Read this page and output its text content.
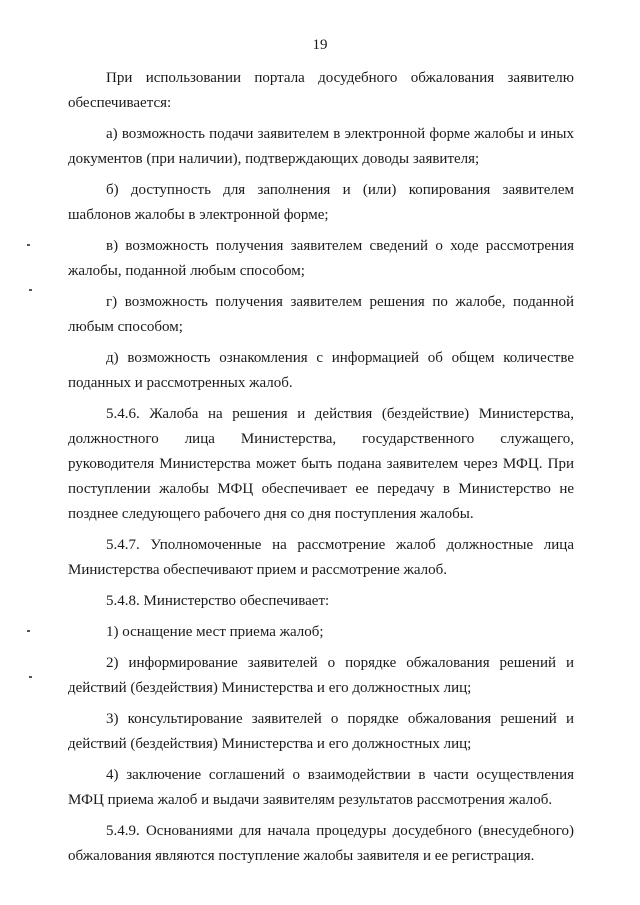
19

При использовании портала досудебного обжалования заявителю обеспечивается:

а) возможность подачи заявителем в электронной форме жалобы и иных документов (при наличии), подтверждающих доводы заявителя;

б) доступность для заполнения и (или) копирования заявителем шаблонов жалобы в электронной форме;

в) возможность получения заявителем сведений о ходе рассмотрения жалобы, поданной любым способом;

г) возможность получения заявителем решения по жалобе, поданной любым способом;

д) возможность ознакомления с информацией об общем количестве поданных и рассмотренных жалоб.

5.4.6. Жалоба на решения и действия (бездействие) Министерства, должностного лица Министерства, государственного служащего, руководителя Министерства может быть подана заявителем через МФЦ. При поступлении жалобы МФЦ обеспечивает ее передачу в Министерство не позднее следующего рабочего дня со дня поступления жалобы.

5.4.7. Уполномоченные на рассмотрение жалоб должностные лица Министерства обеспечивают прием и рассмотрение жалоб.

5.4.8. Министерство обеспечивает:

1) оснащение мест приема жалоб;

2) информирование заявителей о порядке обжалования решений и действий (бездействия) Министерства и его должностных лиц;

3) консультирование заявителей о порядке обжалования решений и действий (бездействия) Министерства и его должностных лиц;

4) заключение соглашений о взаимодействии в части осуществления МФЦ приема жалоб и выдачи заявителям результатов рассмотрения жалоб.

5.4.9. Основаниями для начала процедуры досудебного (внесудебного) обжалования являются поступление жалобы заявителя и ее регистрация.
